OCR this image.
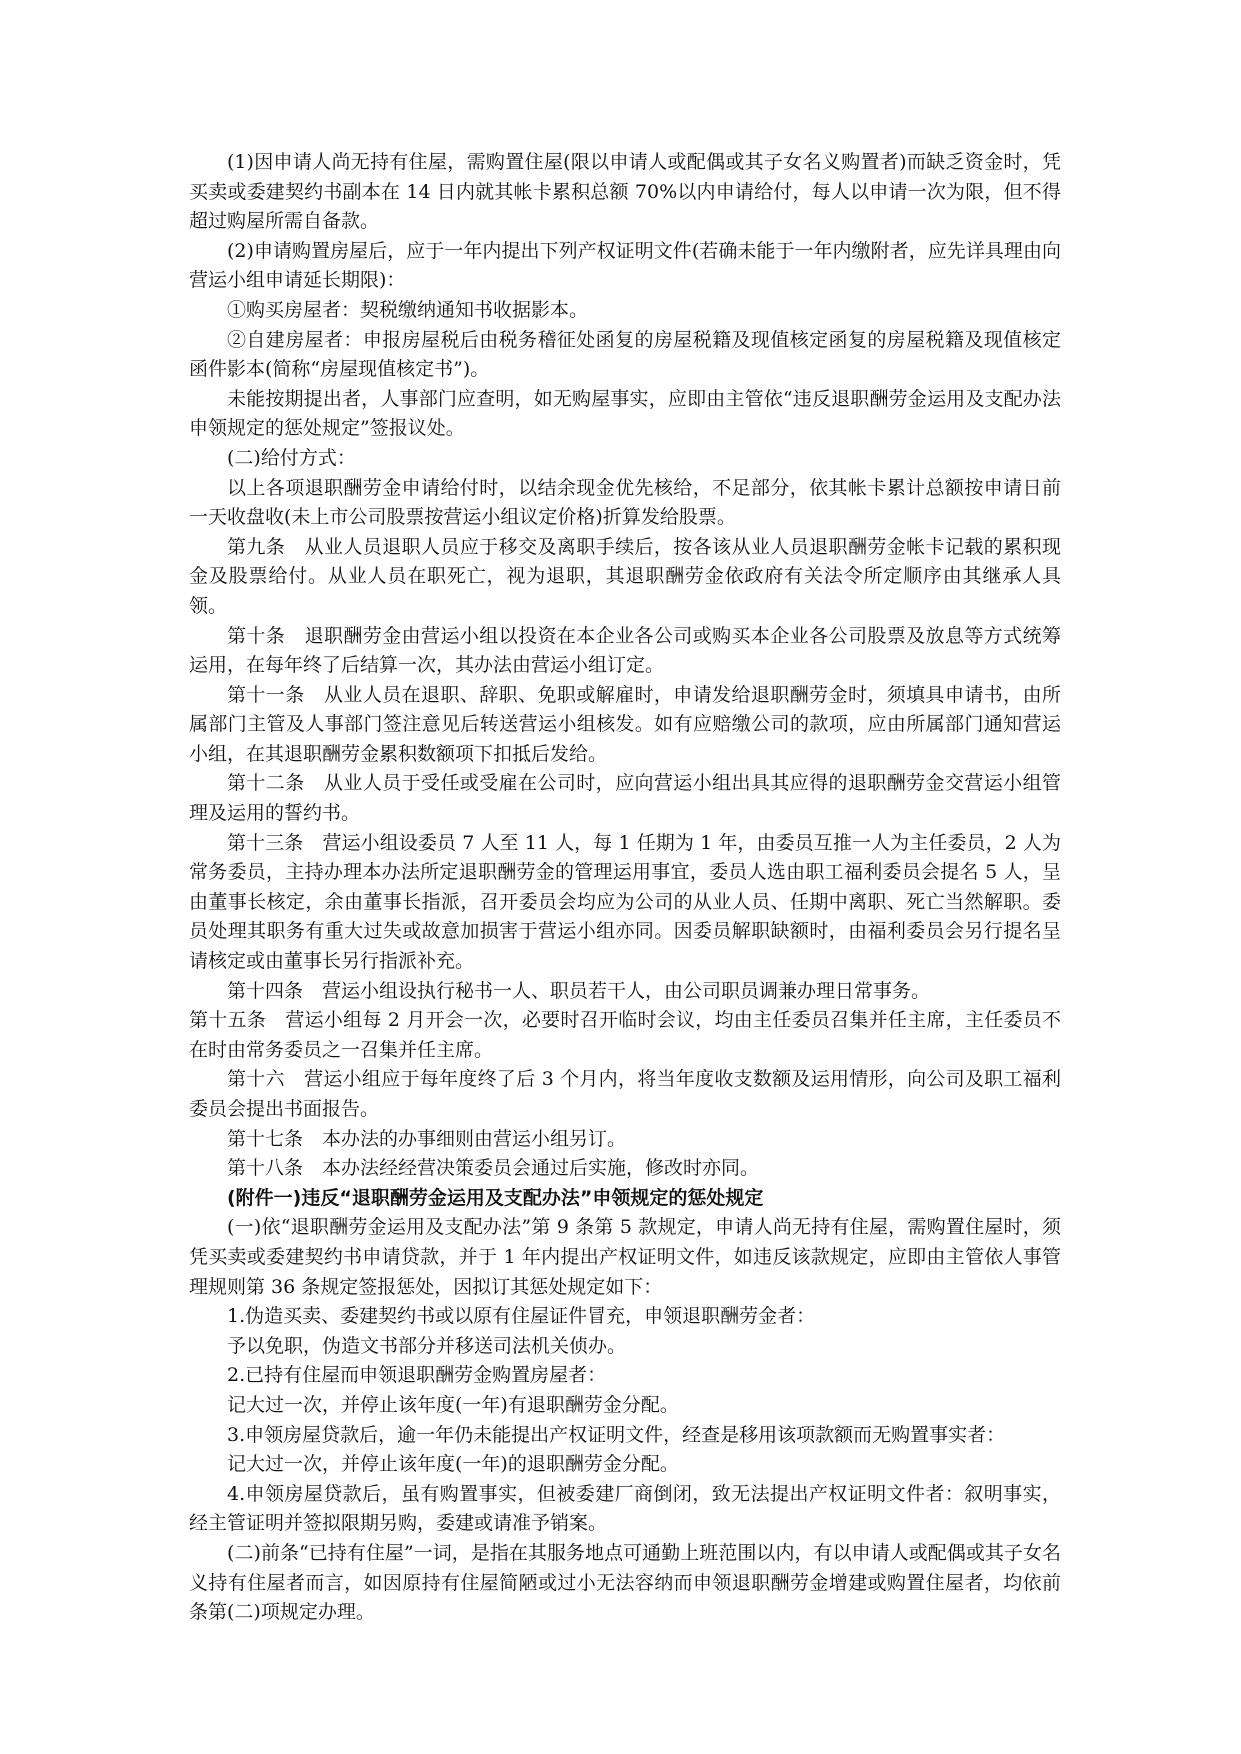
(1)因申请人尚无持有住屋，需购置住屋(限以申请人或配偶或其子女名义购置者)而缺乏资金时，凭买卖或委建契约书副本在 14 日内就其帐卡累积总额 70%以内申请给付，每人以申请一次为限，但不得超过购屋所需自备款。

(2)申请购置房屋后，应于一年内提出下列产权证明文件(若确未能于一年内缴附者，应先详具理由向营运小组申请延长期限)：

①购买房屋者：契税缴纳通知书收据影本。

②自建房屋者：申报房屋税后由税务稽征处函复的房屋税籍及现值核定函复的房屋税籍及现值核定函件影本(简称“房屋现值核定书”)。

未能按期提出者，人事部门应查明，如无购屋事实，应即由主管依“违反退职酬劳金运用及支配办法申领规定的惩处规定”签报议处。

(二)给付方式：

以上各项退职酬劳金申请给付时，以结余现金优先核给，不足部分，依其帐卡累计总额按申请日前一天收盘收(未上市公司股票按营运小组议定价格)折算发给股票。

第九条　从业人员退职人员应于移交及离职手续后，按各该从业人员退职酬劳金帐卡记载的累积现金及股票给付。从业人员在职死亡，视为退职，其退职酬劳金依政府有关法令所定顺序由其继承人具领。

第十条　退职酬劳金由营运小组以投资在本企业各公司或购买本企业各公司股票及放息等方式统筹运用，在每年终了后结算一次，其办法由营运小组订定。

第十一条　从业人员在退职、辞职、免职或解雇时，申请发给退职酬劳金时，须填具申请书，由所属部门主管及人事部门签注意见后转送营运小组核发。如有应赔缴公司的款项，应由所属部门通知营运小组，在其退职酬劳金累积数额项下扣抵后发给。

第十二条　从业人员于受任或受雇在公司时，应向营运小组出具其应得的退职酬劳金交营运小组管理及运用的誓约书。

第十三条　营运小组设委员 7 人至 11 人，每 1 任期为 1 年，由委员互推一人为主任委员，2 人为常务委员，主持办理本办法所定退职酬劳金的管理运用事宜，委员人选由职工福利委员会提名 5 人，呈由董事长核定，余由董事长指派，召开委员会均应为公司的从业人员、任期中离职、死亡当然解职。委员处理其职务有重大过失或故意加损害于营运小组亦同。因委员解职缺额时，由福利委员会另行提名呈请核定或由董事长另行指派补充。

第十四条　营运小组设执行秘书一人、职员若干人，由公司职员调兼办理日常事务。

第十五条　营运小组每 2 月开会一次，必要时召开临时会议，均由主任委员召集并任主席，主任委员不在时由常务委员之一召集并任主席。

第十六　营运小组应于每年度终了后 3 个月内，将当年度收支数额及运用情形，向公司及职工福利委员会提出书面报告。

第十七条　本办法的办事细则由营运小组另订。

第十八条　本办法经经营决策委员会通过后实施，修改时亦同。

(附件一)违反“退职酬劳金运用及支配办法”申领规定的惩处规定

(一)依“退职酬劳金运用及支配办法”第 9 条第 5 款规定，申请人尚无持有住屋，需购置住屋时，须凭买卖或委建契约书申请贷款，并于 1 年内提出产权证明文件，如违反该款规定，应即由主管依人事管理规则第 36 条规定签报惩处，因拟订其惩处规定如下：

1.伪造买卖、委建契约书或以原有住屋证件冒充，申领退职酬劳金者：

予以免职，伪造文书部分并移送司法机关侦办。

2.已持有住屋而申领退职酬劳金购置房屋者：

记大过一次，并停止该年度(一年)有退职酬劳金分配。

3.申领房屋贷款后，逾一年仍未能提出产权证明文件，经查是移用该项款额而无购置事实者：

记大过一次，并停止该年度(一年)的退职酬劳金分配。

4.申领房屋贷款后，虽有购置事实，但被委建厂商倒闭，致无法提出产权证明文件者：叙明事实，经主管证明并签拟限期另购，委建或请准予销案。

(二)前条“已持有住屋”一词，是指在其服务地点可通勤上班范围以内，有以申请人或配偶或其子女名义持有住屋者而言，如因原持有住屋简陋或过小无法容纳而申领退职酬劳金增建或购置住屋者，均依前条第(二)项规定办理。
